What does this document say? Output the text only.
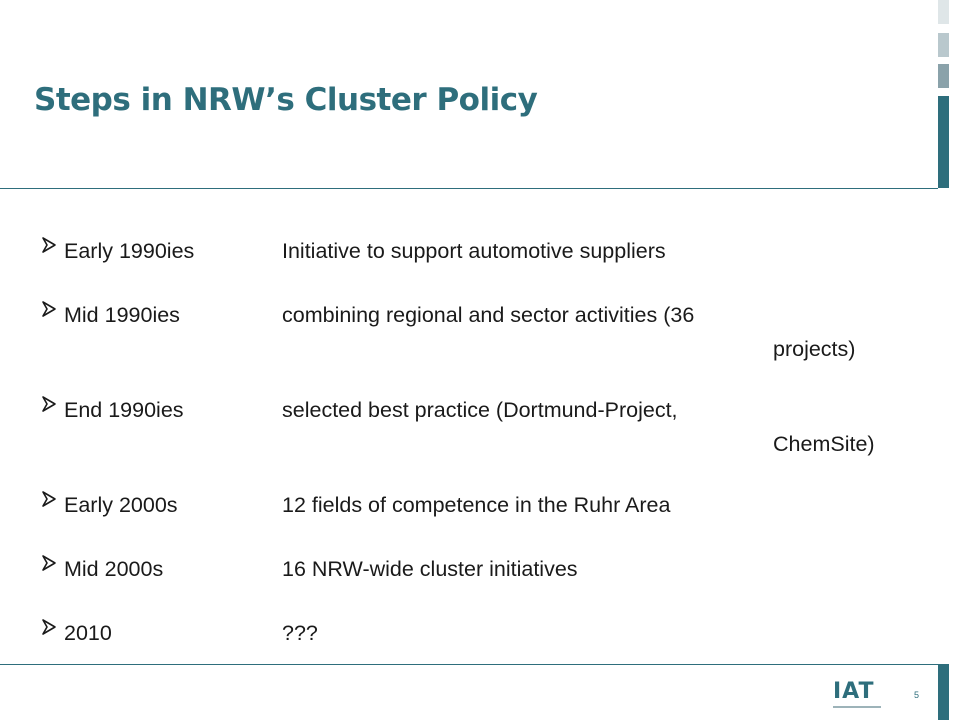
Steps in NRW’s Cluster Policy
Early 1990ies	Initiative to support automotive suppliers
Mid 1990ies	combining regional and sector activities (36
projects)
End 1990ies	selected best practice (Dortmund-Project,
ChemSite)
Early 2000s	12 fields of competence in the Ruhr Area
Mid 2000s	16 NRW-wide cluster initiatives
2010	???
IAT	5
